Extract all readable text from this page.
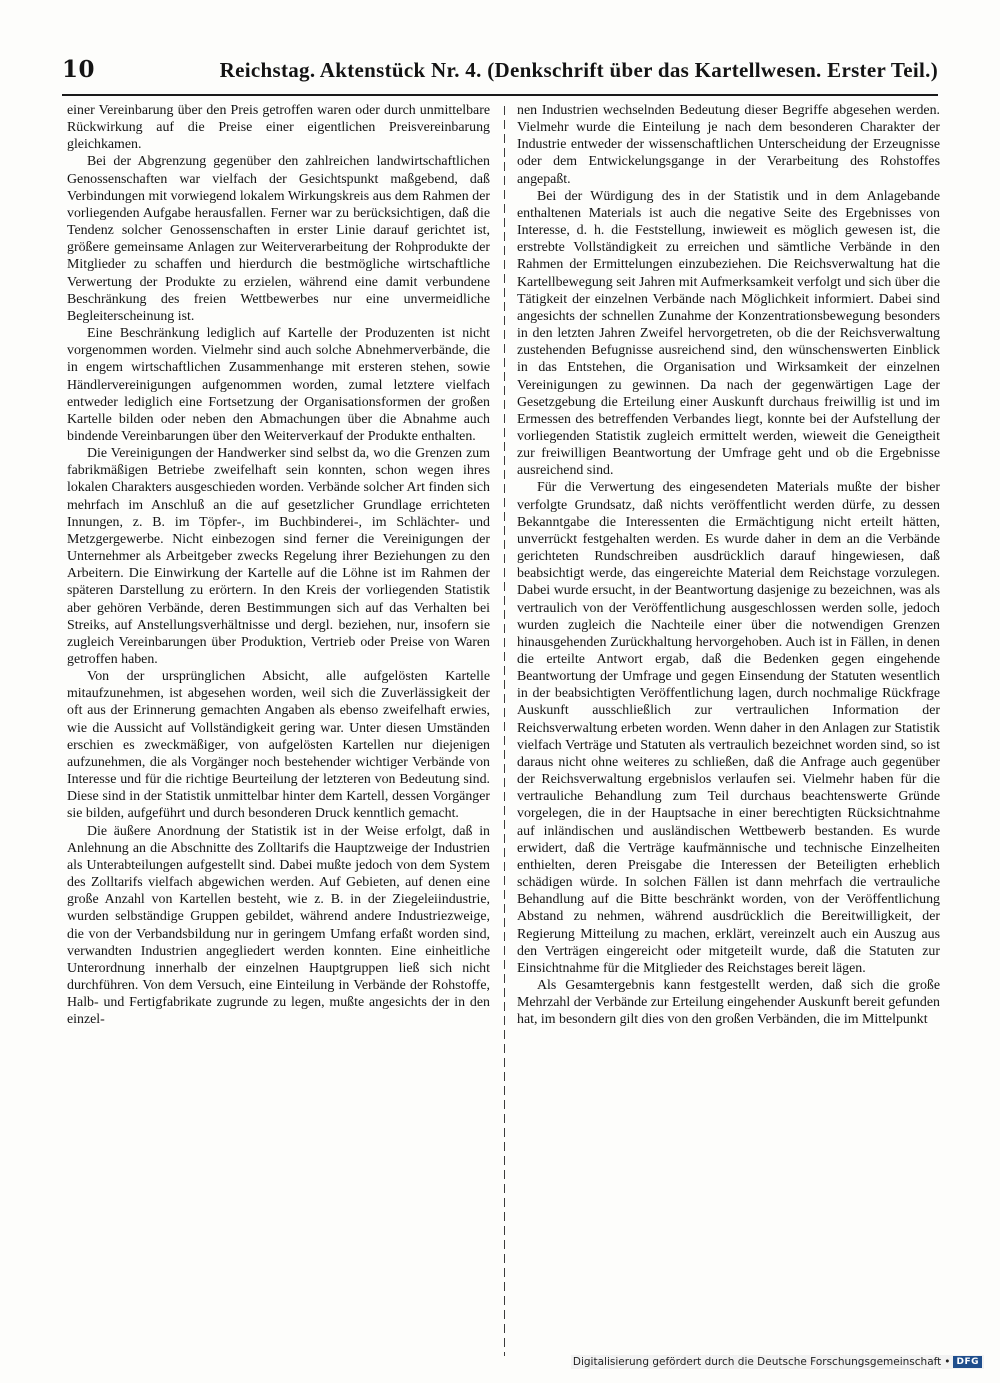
10	Reichstag. Aktenstück Nr. 4. (Denkschrift über das Kartellwesen. Erster Teil.)

einer Vereinbarung über den Preis getroffen waren oder durch unmittelbare Rückwirkung auf die Preise einer eigentlichen Preisvereinbarung gleichkamen.

Bei der Abgrenzung gegenüber den zahlreichen landwirtschaftlichen Genossenschaften war vielfach der Gesichtspunkt maßgebend, daß Verbindungen mit vorwiegend lokalem Wirkungskreis aus dem Rahmen der vorliegenden Aufgabe herausfallen. Ferner war zu berücksichtigen, daß die Tendenz solcher Genossenschaften in erster Linie darauf gerichtet ist, größere gemeinsame Anlagen zur Weiterverarbeitung der Rohprodukte der Mitglieder zu schaffen und hierdurch die bestmögliche wirtschaftliche Verwertung der Produkte zu erzielen, während eine damit verbundene Beschränkung des freien Wettbewerbes nur eine unvermeidliche Begleiterscheinung ist.

Eine Beschränkung lediglich auf Kartelle der Produzenten ist nicht vorgenommen worden. Vielmehr sind auch solche Abnehmerverbände, die in engem wirtschaftlichen Zusammenhange mit ersteren stehen, sowie Händlervereinigungen aufgenommen worden, zumal letztere vielfach entweder lediglich eine Fortsetzung der Organisationsformen der großen Kartelle bilden oder neben den Abmachungen über die Abnahme auch bindende Vereinbarungen über den Weiterverkauf der Produkte enthalten.

Die Vereinigungen der Handwerker sind selbst da, wo die Grenzen zum fabrikmäßigen Betriebe zweifelhaft sein konnten, schon wegen ihres lokalen Charakters ausgeschieden worden. Verbände solcher Art finden sich mehrfach im Anschluß an die auf gesetzlicher Grundlage errichteten Innungen, z. B. im Töpfer-, im Buchbinderei-, im Schlächter- und Metzgergewerbe. Nicht einbezogen sind ferner die Vereinigungen der Unternehmer als Arbeitgeber zwecks Regelung ihrer Beziehungen zu den Arbeitern. Die Einwirkung der Kartelle auf die Löhne ist im Rahmen der späteren Darstellung zu erörtern. In den Kreis der vorliegenden Statistik aber gehören Verbände, deren Bestimmungen sich auf das Verhalten bei Streiks, auf Anstellungsverhältnisse und dergl. beziehen, nur, insofern sie zugleich Vereinbarungen über Produktion, Vertrieb oder Preise von Waren getroffen haben.

Von der ursprünglichen Absicht, alle aufgelösten Kartelle mitaufzunehmen, ist abgesehen worden, weil sich die Zuverlässigkeit der oft aus der Erinnerung gemachten Angaben als ebenso zweifelhaft erwies, wie die Aussicht auf Vollständigkeit gering war. Unter diesen Umständen erschien es zweckmäßiger, von aufgelösten Kartellen nur diejenigen aufzunehmen, die als Vorgänger noch bestehender wichtiger Verbände von Interesse und für die richtige Beurteilung der letzteren von Bedeutung sind. Diese sind in der Statistik unmittelbar hinter dem Kartell, dessen Vorgänger sie bilden, aufgeführt und durch besonderen Druck kenntlich gemacht.

Die äußere Anordnung der Statistik ist in der Weise erfolgt, daß in Anlehnung an die Abschnitte des Zolltarifs die Hauptzweige der Industrien als Unterabteilungen aufgestellt sind. Dabei mußte jedoch von dem System des Zolltarifs vielfach abgewichen werden. Auf Gebieten, auf denen eine große Anzahl von Kartellen besteht, wie z. B. in der Ziegeleiindustrie, wurden selbständige Gruppen gebildet, während andere Industriezweige, die von der Verbandsbildung nur in geringem Umfang erfaßt worden sind, verwandten Industrien angegliedert werden konnten. Eine einheitliche Unterordnung innerhalb der einzelnen Hauptgruppen ließ sich nicht durchführen. Von dem Versuch, eine Einteilung in Verbände der Rohstoffe, Halb- und Fertigfabrikate zugrunde zu legen, mußte angesichts der in den einzel-

nen Industrien wechselnden Bedeutung dieser Begriffe abgesehen werden. Vielmehr wurde die Einteilung je nach dem besonderen Charakter der Industrie entweder der wissenschaftlichen Unterscheidung der Erzeugnisse oder dem Entwickelungsgange in der Verarbeitung des Rohstoffes angepaßt.

Bei der Würdigung des in der Statistik und in dem Anlagebande enthaltenen Materials ist auch die negative Seite des Ergebnisses von Interesse, d. h. die Feststellung, inwieweit es möglich gewesen ist, die erstrebte Vollständigkeit zu erreichen und sämtliche Verbände in den Rahmen der Ermittelungen einzubeziehen. Die Reichsverwaltung hat die Kartellbewegung seit Jahren mit Aufmerksamkeit verfolgt und sich über die Tätigkeit der einzelnen Verbände nach Möglichkeit informiert. Dabei sind angesichts der schnellen Zunahme der Konzentrationsbewegung besonders in den letzten Jahren Zweifel hervorgetreten, ob die der Reichsverwaltung zustehenden Befugnisse ausreichend sind, den wünschenswerten Einblick in das Entstehen, die Organisation und Wirksamkeit der einzelnen Vereinigungen zu gewinnen. Da nach der gegenwärtigen Lage der Gesetzgebung die Erteilung einer Auskunft durchaus freiwillig ist und im Ermessen des betreffenden Verbandes liegt, konnte bei der Aufstellung der vorliegenden Statistik zugleich ermittelt werden, wieweit die Geneigtheit zur freiwilligen Beantwortung der Umfrage geht und ob die Ergebnisse ausreichend sind.

Für die Verwertung des eingesendeten Materials mußte der bisher verfolgte Grundsatz, daß nichts veröffentlicht werden dürfe, zu dessen Bekanntgabe die Interessenten die Ermächtigung nicht erteilt hätten, unverrückt festgehalten werden. Es wurde daher in dem an die Verbände gerichteten Rundschreiben ausdrücklich darauf hingewiesen, daß beabsichtigt werde, das eingereichte Material dem Reichstage vorzulegen. Dabei wurde ersucht, in der Beantwortung dasjenige zu bezeichnen, was als vertraulich von der Veröffentlichung ausgeschlossen werden solle, jedoch wurden zugleich die Nachteile einer über die notwendigen Grenzen hinausgehenden Zurückhaltung hervorgehoben. Auch ist in Fällen, in denen die erteilte Antwort ergab, daß die Bedenken gegen eingehende Beantwortung der Umfrage und gegen Einsendung der Statuten wesentlich in der beabsichtigten Veröffentlichung lagen, durch nochmalige Rückfrage Auskunft ausschließlich zur vertraulichen Information der Reichsverwaltung erbeten worden. Wenn daher in den Anlagen zur Statistik vielfach Verträge und Statuten als vertraulich bezeichnet worden sind, so ist daraus nicht ohne weiteres zu schließen, daß die Anfrage auch gegenüber der Reichsverwaltung ergebnislos verlaufen sei. Vielmehr haben für die vertrauliche Behandlung zum Teil durchaus beachtenswerte Gründe vorgelegen, die in der Hauptsache in einer berechtigten Rücksichtnahme auf inländischen und ausländischen Wettbewerb bestanden. Es wurde erwidert, daß die Verträge kaufmännische und technische Einzelheiten enthielten, deren Preisgabe die Interessen der Beteiligten erheblich schädigen würde. In solchen Fällen ist dann mehrfach die vertrauliche Behandlung auf die Bitte beschränkt worden, von der Veröffentlichung Abstand zu nehmen, während ausdrücklich die Bereitwilligkeit, der Regierung Mitteilung zu machen, erklärt, vereinzelt auch ein Auszug aus den Verträgen eingereicht oder mitgeteilt wurde, daß die Statuten zur Einsichtnahme für die Mitglieder des Reichstages bereit lägen.

Als Gesamtergebnis kann festgestellt werden, daß sich die große Mehrzahl der Verbände zur Erteilung eingehender Auskunft bereit gefunden hat, im besondern gilt dies von den großen Verbänden, die im Mittelpunkt

Digitalisierung gefördert durch die Deutsche Forschungsgemeinschaft • DFG
